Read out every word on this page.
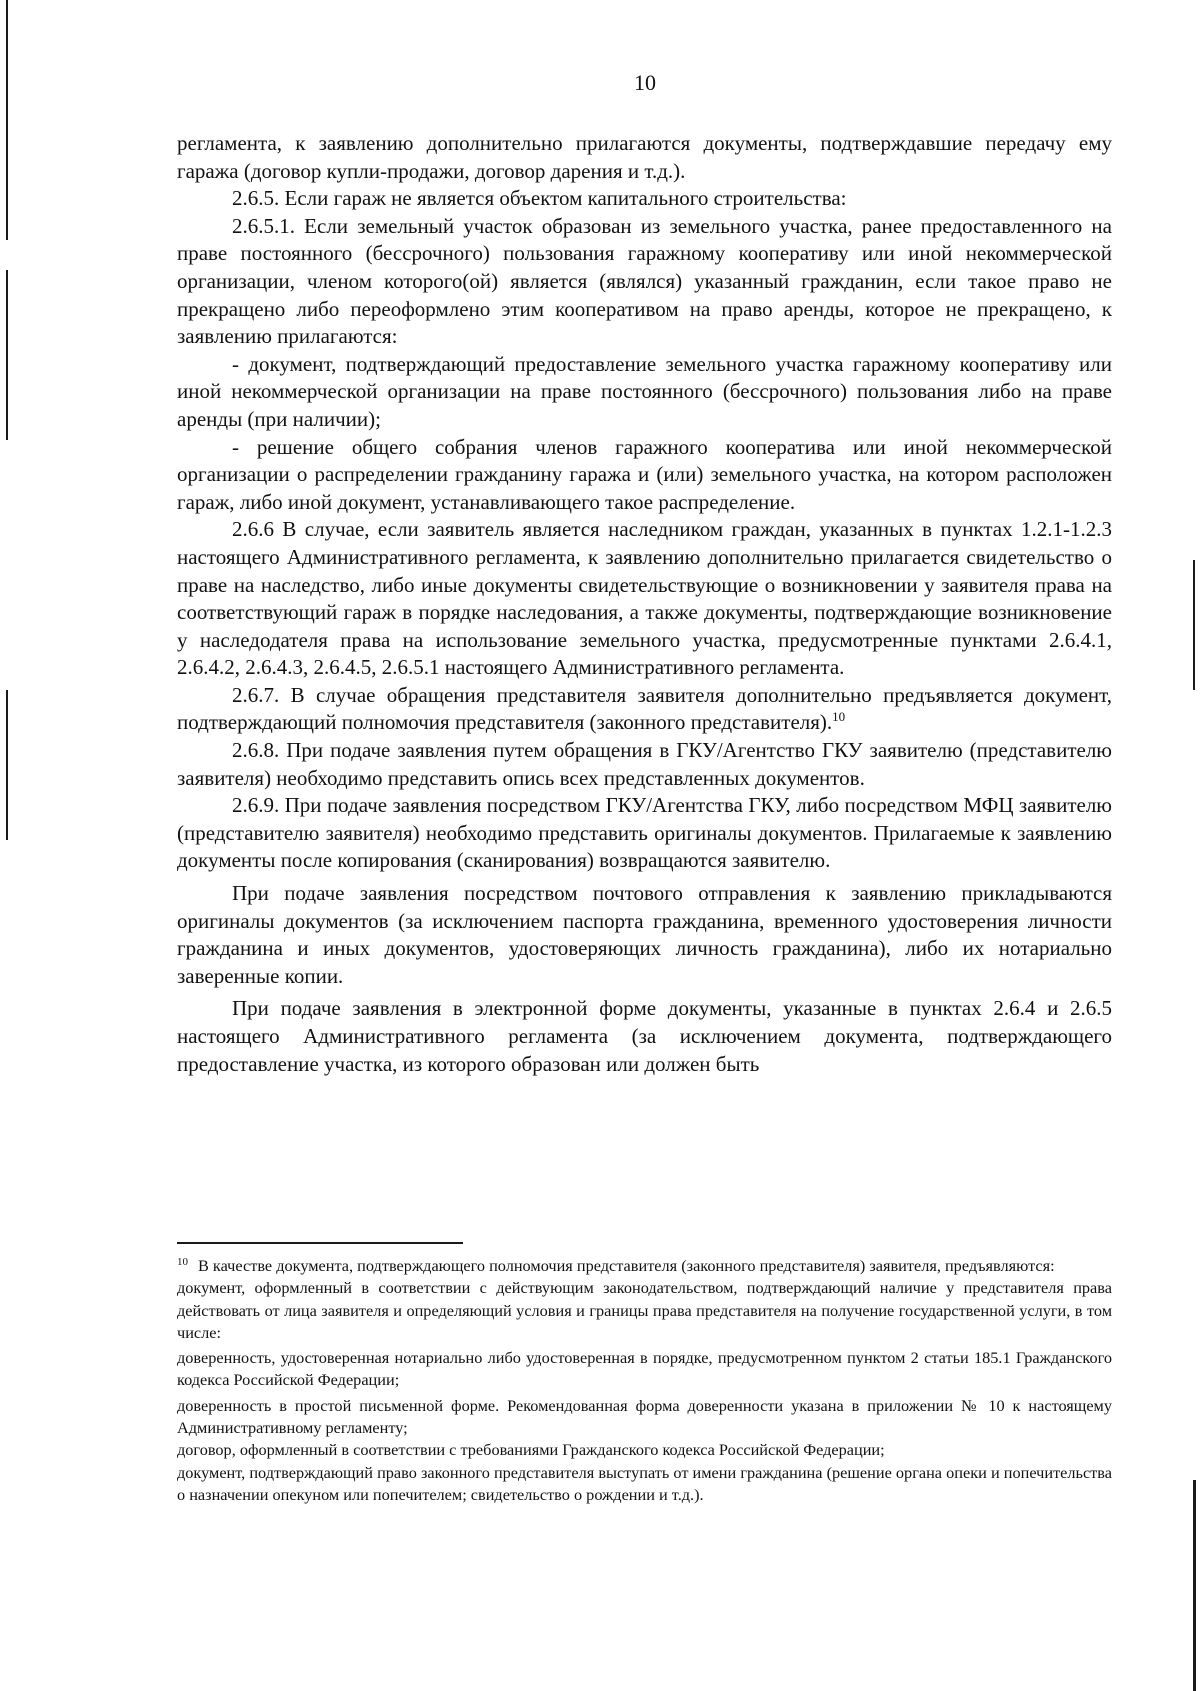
10

регламента, к заявлению дополнительно прилагаются документы, подтверждавшие передачу ему гаража (договор купли-продажи, договор дарения и т.д.).

2.6.5. Если гараж не является объектом капитального строительства:

2.6.5.1. Если земельный участок образован из земельного участка, ранее предоставленного на праве постоянного (бессрочного) пользования гаражному кооперативу или иной некоммерческой организации, членом которого(ой) является (являлся) указанный гражданин, если такое право не прекращено либо переоформлено этим кооперативом на право аренды, которое не прекращено, к заявлению прилагаются:

- документ, подтверждающий предоставление земельного участка гаражному кооперативу или иной некоммерческой организации на праве постоянного (бессрочного) пользования либо на праве аренды (при наличии);

- решение общего собрания членов гаражного кооператива или иной некоммерческой организации о распределении гражданину гаража и (или) земельного участка, на котором расположен гараж, либо иной документ, устанавливающего такое распределение.

2.6.6 В случае, если заявитель является наследником граждан, указанных в пунктах 1.2.1-1.2.3 настоящего Административного регламента, к заявлению дополнительно прилагается свидетельство о праве на наследство, либо иные документы свидетельствующие о возникновении у заявителя права на соответствующий гараж в порядке наследования, а также документы, подтверждающие возникновение у наследодателя права на использование земельного участка, предусмотренные пунктами 2.6.4.1, 2.6.4.2, 2.6.4.3, 2.6.4.5, 2.6.5.1 настоящего Административного регламента.

2.6.7. В случае обращения представителя заявителя дополнительно предъявляется документ, подтверждающий полномочия представителя (законного представителя).$^{10}$

2.6.8. При подаче заявления путем обращения в ГКУ/Агентство ГКУ заявителю (представителю заявителя) необходимо представить опись всех представленных документов.

2.6.9. При подаче заявления посредством ГКУ/Агентства ГКУ, либо посредством МФЦ заявителю (представителю заявителя) необходимо представить оригиналы документов. Прилагаемые к заявлению документы после копирования (сканирования) возвращаются заявителю.

При подаче заявления посредством почтового отправления к заявлению прикладываются оригиналы документов (за исключением паспорта гражданина, временного удостоверения личности гражданина и иных документов, удостоверяющих личность гражданина), либо их нотариально заверенные копии.

При подаче заявления в электронной форме документы, указанные в пунктах 2.6.4 и 2.6.5 настоящего Административного регламента (за исключением документа, подтверждающего предоставление участка, из которого образован или должен быть

$^{10}$ В качестве документа, подтверждающего полномочия представителя (законного представителя) заявителя, предъявляются:

документ, оформленный в соответствии с действующим законодательством, подтверждающий наличие у представителя права действовать от лица заявителя и определяющий условия и границы права представителя на получение государственной услуги, в том числе:

доверенность, удостоверенная нотариально либо удостоверенная в порядке, предусмотренном пунктом 2 статьи 185.1 Гражданского кодекса Российской Федерации;

доверенность в простой письменной форме. Рекомендованная форма доверенности указана в приложении № 10 к настоящему Административному регламенту;

договор, оформленный в соответствии с требованиями Гражданского кодекса Российской Федерации;

документ, подтверждающий право законного представителя выступать от имени гражданина (решение органа опеки и попечительства о назначении опекуном или попечителем; свидетельство о рождении и т.д.).
